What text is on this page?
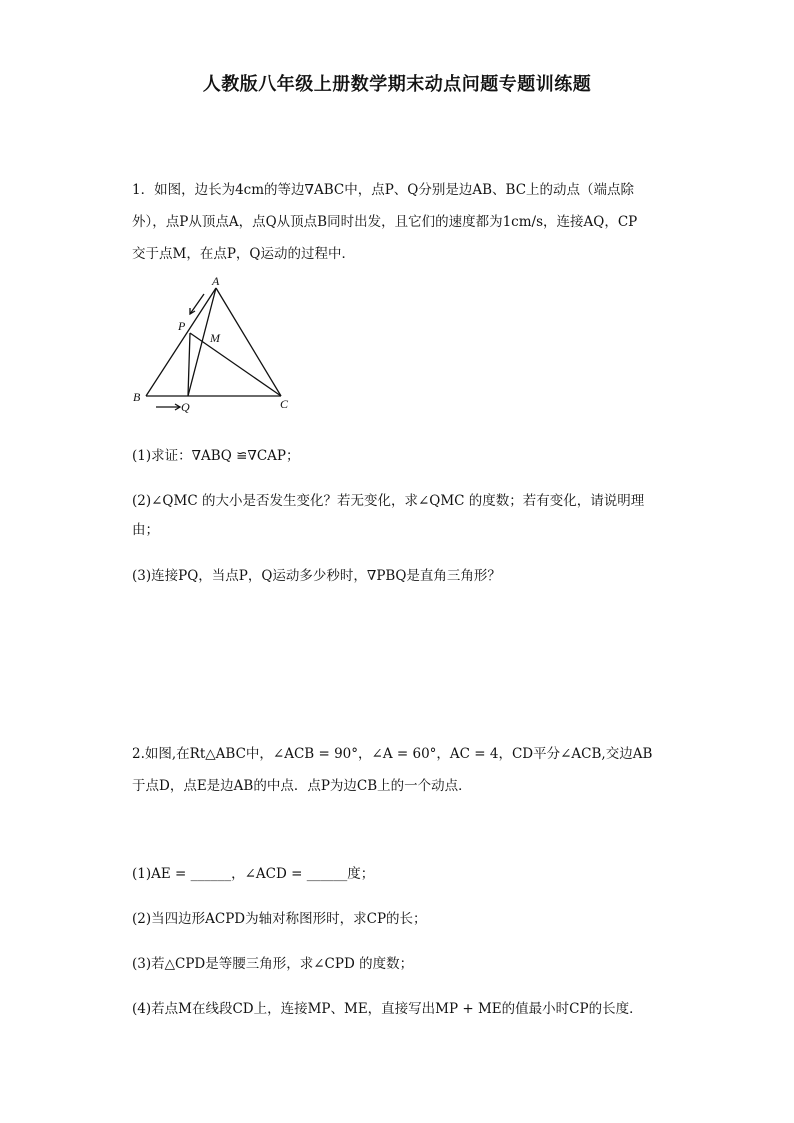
人教版八年级上册数学期末动点问题专题训练题
1．如图，边长为4cm的等边∇ABC中，点P、Q分别是边AB、BC上的动点（端点除
外），点P从顶点A，点Q从顶点B同时出发，且它们的速度都为1cm/s，连接AQ，CP
交于点M，在点P，Q运动的过程中．
A
B	C
P
Q
M
(1)求证：∇ABQ ≌∇CAP；
(2)∠QMC 的大小是否发生变化？若无变化，求∠QMC 的度数；若有变化，请说明理
由；
(3)连接PQ，当点P，Q运动多少秒时，∇PBQ是直角三角形？
2.如图,在Rt△ABC中，∠ACB = 90°，∠A = 60°，AC = 4，CD平分∠ACB,交边AB
于点D，点E是边AB的中点．点P为边CB上的一个动点．
(1)AE = ______，∠ACD = ______度；
(2)当四边形ACPD为轴对称图形时，求CP的长；
(3)若△CPD是等腰三角形，求∠CPD 的度数；
(4)若点M在线段CD上，连接MP、ME，直接写出MP + ME的值最小时CP的长度．
